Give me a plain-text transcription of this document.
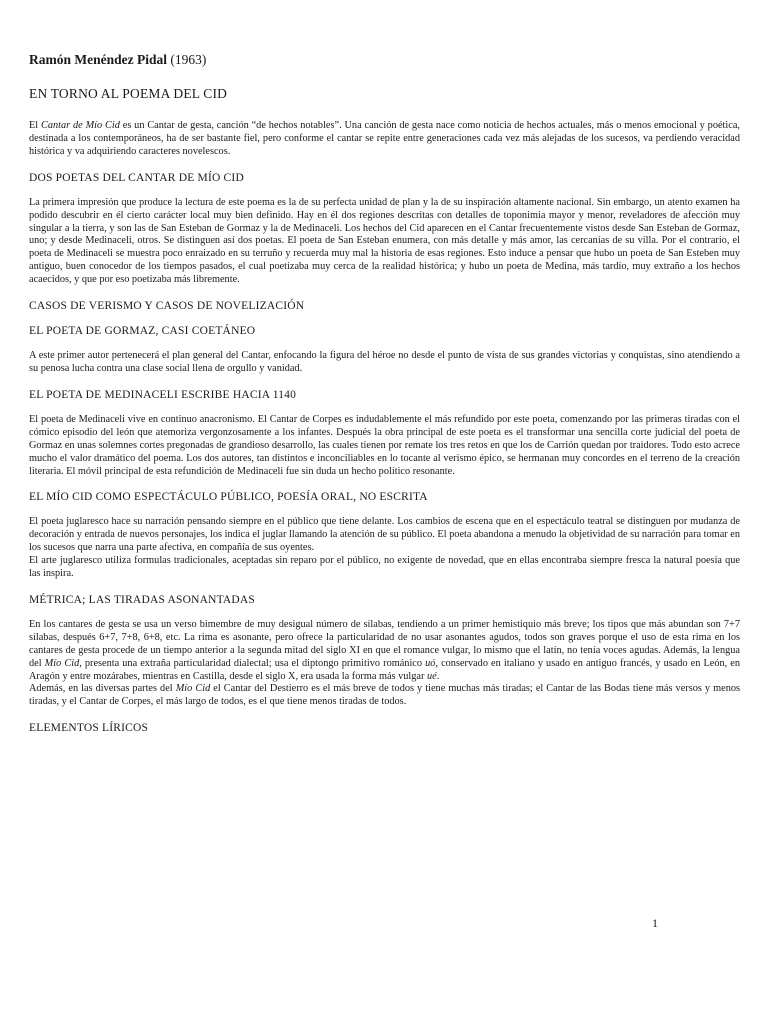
Ramón Menéndez Pidal (1963)
EN TORNO AL POEMA DEL CID

El Cantar de Mío Cid es un Cantar de gesta, canción “de hechos notables”. Una canción de gesta nace como noticia de hechos actuales, más o menos emocional y poética, destinada a los contemporáneos, ha de ser bastante fiel, pero conforme el cantar se repite entre generaciones cada vez más alejadas de los sucesos, va perdiendo veracidad histórica y va adquiriendo caracteres novelescos.

DOS POETAS DEL CANTAR DE MÍO CID

La primera impresión que produce la lectura de este poema es la de su perfecta unidad de plan y la de su inspiración altamente nacional. Sin embargo, un atento examen ha podido descubrir en él cierto carácter local muy bien definido. Hay en él dos regiones descritas con detalles de toponimia mayor y menor, reveladores de afección muy singular a la tierra, y son las de San Esteban de Gormaz y la de Medinaceli. Los hechos del Cid aparecen en el Cantar frecuentemente vistos desde San Esteban de Gormaz, uno; y desde Medinaceli, otros. Se distinguen así dos poetas. El poeta de San Esteban enumera, con más detalle y más amor, las cercanías de su villa. Por el contrario, el poeta de Medinaceli se muestra poco enraizado en su terruño y recuerda muy mal la historia de esas regiones. Esto induce a pensar que hubo un poeta de San Esteben muy antiguo, buen conocedor de los tiempos pasados, el cual poetizaba muy cerca de la realidad histórica; y hubo un poeta de Medina, más tardío, muy extraño a los hechos acaecidos, y que por eso poetizaba más libremente.

CASOS DE VERISMO Y CASOS DE NOVELIZACIÓN
EL POETA DE GORMAZ, CASI COETÁNEO

A este primer autor pertenecerá el plan general del Cantar, enfocando la figura del héroe no desde el punto de vista de sus grandes victorias y conquistas, sino atendiendo a su penosa lucha contra una clase social llena de orgullo y vanidad.

EL POETA DE MEDINACELI ESCRIBE HACIA 1140

El poeta de Medinaceli vive en continuo anacronismo. El Cantar de Corpes es indudablemente el más refundido por este poeta, comenzando por las primeras tiradas con el cómico episodio del león que atemoriza vergonzosamente a los infantes. Después la obra principal de este poeta es el transformar una sencilla corte judicial del poeta de Gormaz en unas solemnes cortes pregonadas de grandioso desarrollo, las cuales tienen por remate los tres retos en que los de Carrión quedan por traidores. Todo esto acrece mucho el valor dramático del poema. Los dos autores, tan distintos e inconciliables en lo tocante al verismo épico, se hermanan muy concordes en el terreno de la creación literaria. El móvil principal de esta refundición de Medinaceli fue sin duda un hecho político resonante.

EL MÍO CID COMO ESPECTÁCULO PÚBLICO, POESÍA ORAL, NO ESCRITA

El poeta juglaresco hace su narración pensando siempre en el público que tiene delante. Los cambios de escena que en el espectáculo teatral se distinguen por mudanza de decoración y entrada de nuevos personajes, los indica el juglar llamando la atención de su público. El poeta abandona a menudo la objetividad de su narración para tomar en los sucesos que narra una parte afectiva, en compañía de sus oyentes.

El arte juglaresco utiliza formulas tradicionales, aceptadas sin reparo por el público, no exigente de novedad, que en ellas encontraba siempre fresca la natural poesía que las inspira.

MÉTRICA; LAS TIRADAS ASONANTADAS

En los cantares de gesta se usa un verso bimembre de muy desigual número de sílabas, tendiendo a un primer hemistiquio más breve; los tipos que más abundan son 7+7 sílabas, después 6+7, 7+8, 6+8, etc. La rima es asonante, pero ofrece la particularidad de no usar asonantes agudos, todos son graves porque el uso de esta rima en los cantares de gesta procede de un tiempo anterior a la segunda mitad del siglo XI en que el romance vulgar, lo mismo que el latín, no tenía voces agudas. Además, la lengua del Mío Cid, presenta una extraña particularidad dialectal; usa el diptongo primitivo románico uó, conservado en italiano y usado en antiguo francés, y usado en León, en Aragón y entre mozárabes, mientras en Castilla, desde el siglo X, era usada la forma más vulgar ué.

Además, en las diversas partes del Mío Cid el Cantar del Destierro es el más breve de todos y tiene muchas más tiradas; el Cantar de las Bodas tiene más versos y menos tiradas, y el Cantar de Corpes, el más largo de todos, es el que tiene menos tiradas de todos.

ELEMENTOS LÍRICOS
1
